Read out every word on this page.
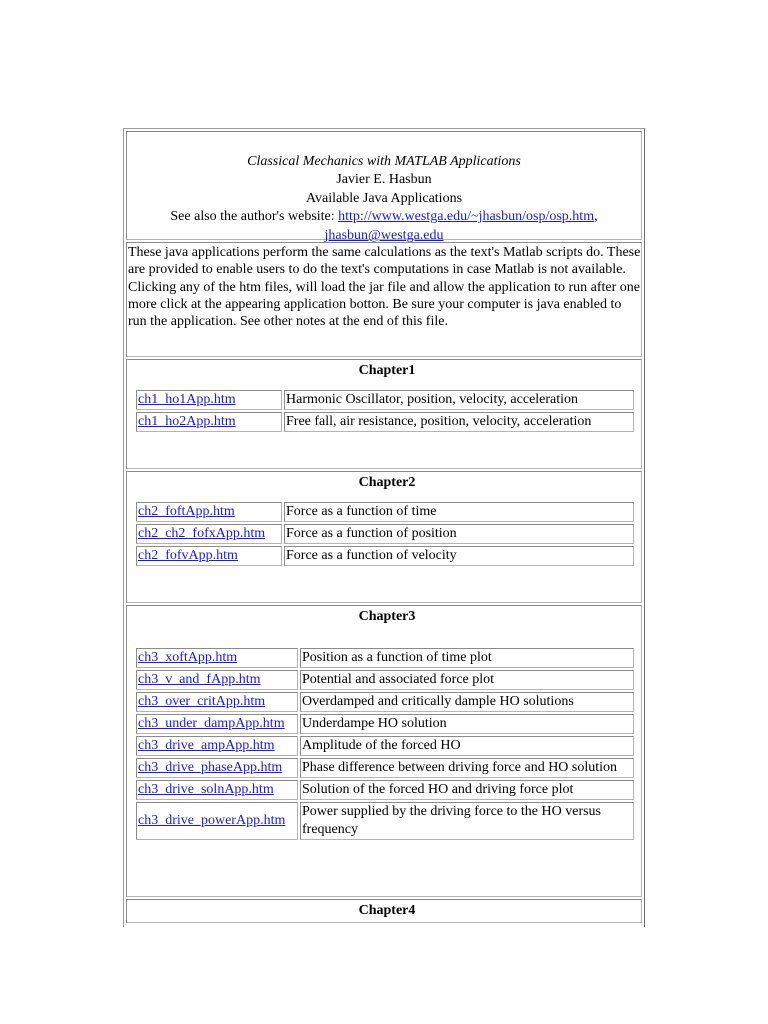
Classical Mechanics with MATLAB Applications
Javier E. Hasbun
Available Java Applications
See also the author's website: http://www.westga.edu/~jhasbun/osp/osp.htm,
jhasbun@westga.edu

These java applications perform the same calculations as the text's Matlab scripts do. These are provided to enable users to do the text's computations in case Matlab is not available. Clicking any of the htm files, will load the jar file and allow the application to run after one more click at the appearing application botton. Be sure your computer is java enabled to run the application. See other notes at the end of this file.

Chapter1
ch1_ho1App.htm	Harmonic Oscillator, position, velocity, acceleration
ch1_ho2App.htm	Free fall, air resistance, position, velocity, acceleration
Chapter2
ch2_foftApp.htm	Force as a function of time
ch2_ch2_fofxApp.htm	Force as a function of position
ch2_fofvApp.htm	Force as a function of velocity
Chapter3
ch3_xoftApp.htm	Position as a function of time plot
ch3_v_and_fApp.htm	Potential and associated force plot
ch3_over_critApp.htm	Overdamped and critically dample HO solutions
ch3_under_dampApp.htm	Underdampe HO solution
ch3_drive_ampApp.htm	Amplitude of the forced HO
ch3_drive_phaseApp.htm	Phase difference between driving force and HO solution
ch3_drive_solnApp.htm	Solution of the forced HO and driving force plot
ch3_drive_powerApp.htm	Power supplied by the driving force to the HO versus frequency
Chapter4
